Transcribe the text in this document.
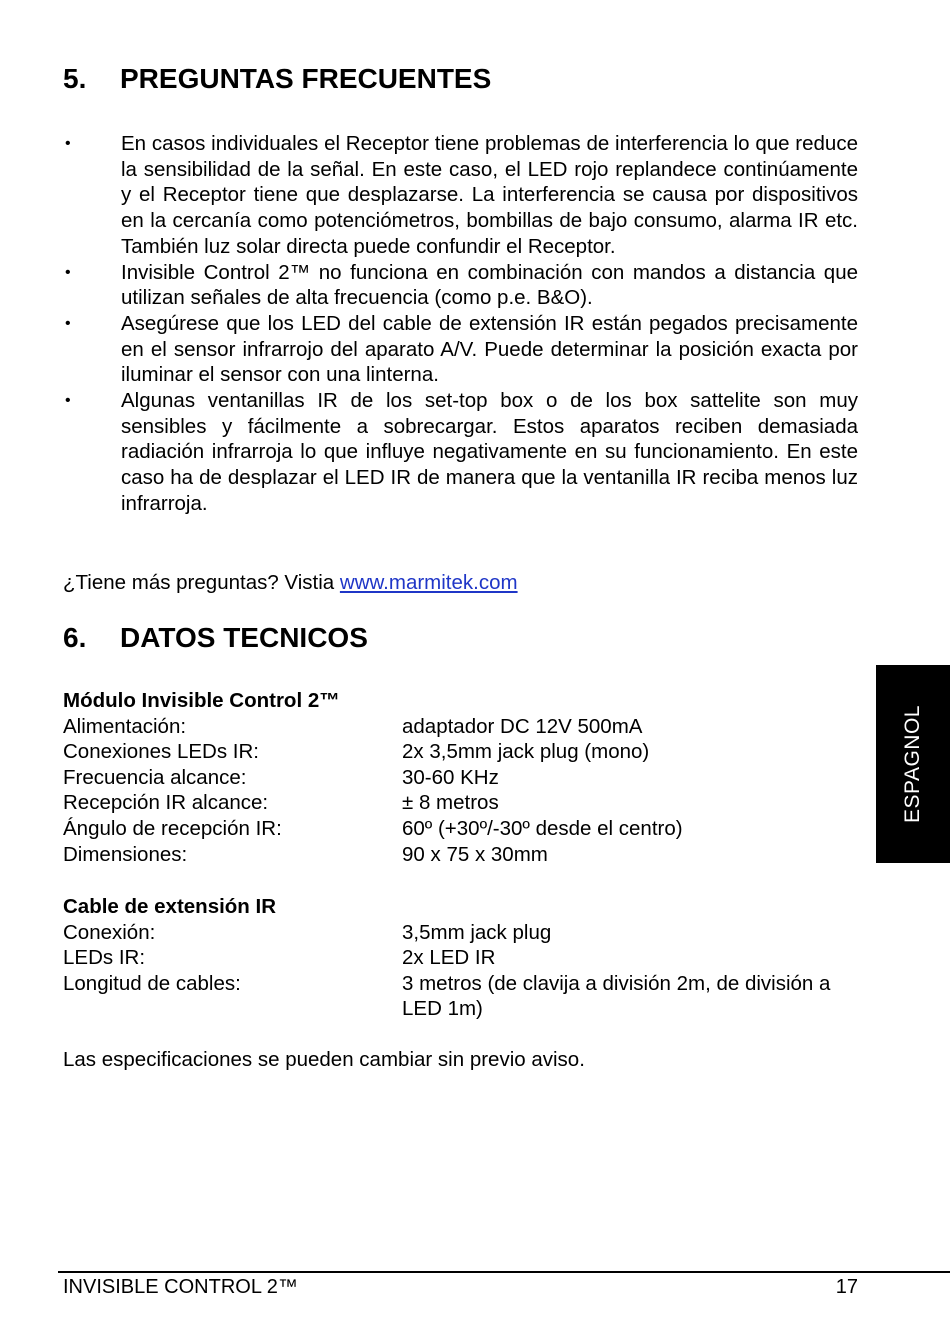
5. PREGUNTAS FRECUENTES
• En casos individuales el Receptor tiene problemas de interferencia lo que reduce la sensibilidad de la señal. En este caso, el LED rojo replandece continúamente y el Receptor tiene que desplazarse. La interferencia se causa por dispositivos en la cercanía como potenciómetros, bombillas de bajo consumo, alarma IR etc. También luz solar directa puede confundir el Receptor.
• Invisible Control 2™ no funciona en combinación con mandos a distancia que utilizan señales de alta frecuencia (como p.e. B&O).
• Asegúrese que los LED del cable de extensión IR están pegados precisamente en el sensor infrarrojo del aparato A/V. Puede determinar la posición exacta por iluminar el sensor con una linterna.
• Algunas ventanillas IR de los set-top box o de los box sattelite son muy sensibles y fácilmente a sobrecargar. Estos aparatos reciben demasiada radiación infrarroja lo que influye negativamente en su funcionamiento. En este caso ha de desplazar el LED IR de manera que la ventanilla IR reciba menos luz infrarroja.
¿Tiene más preguntas? Vistia www.marmitek.com
6. DATOS TECNICOS
Módulo Invisible Control 2™
Alimentación:	adaptador DC 12V 500mA
Conexiones LEDs IR:	2x 3,5mm jack plug (mono)
Frecuencia alcance:	30-60 KHz
Recepción IR alcance:	± 8 metros
Ángulo de recepción IR:	60º (+30º/-30º desde el centro)
Dimensiones:	90 x 75 x 30mm
Cable de extensión IR
Conexión:	3,5mm jack plug
LEDs IR:	2x LED IR
Longitud de cables:	3 metros (de clavija a división 2m, de división a LED 1m)
Las especificaciones se pueden cambiar sin previo aviso.
ESPAGNOL
INVISIBLE CONTROL 2™	17
